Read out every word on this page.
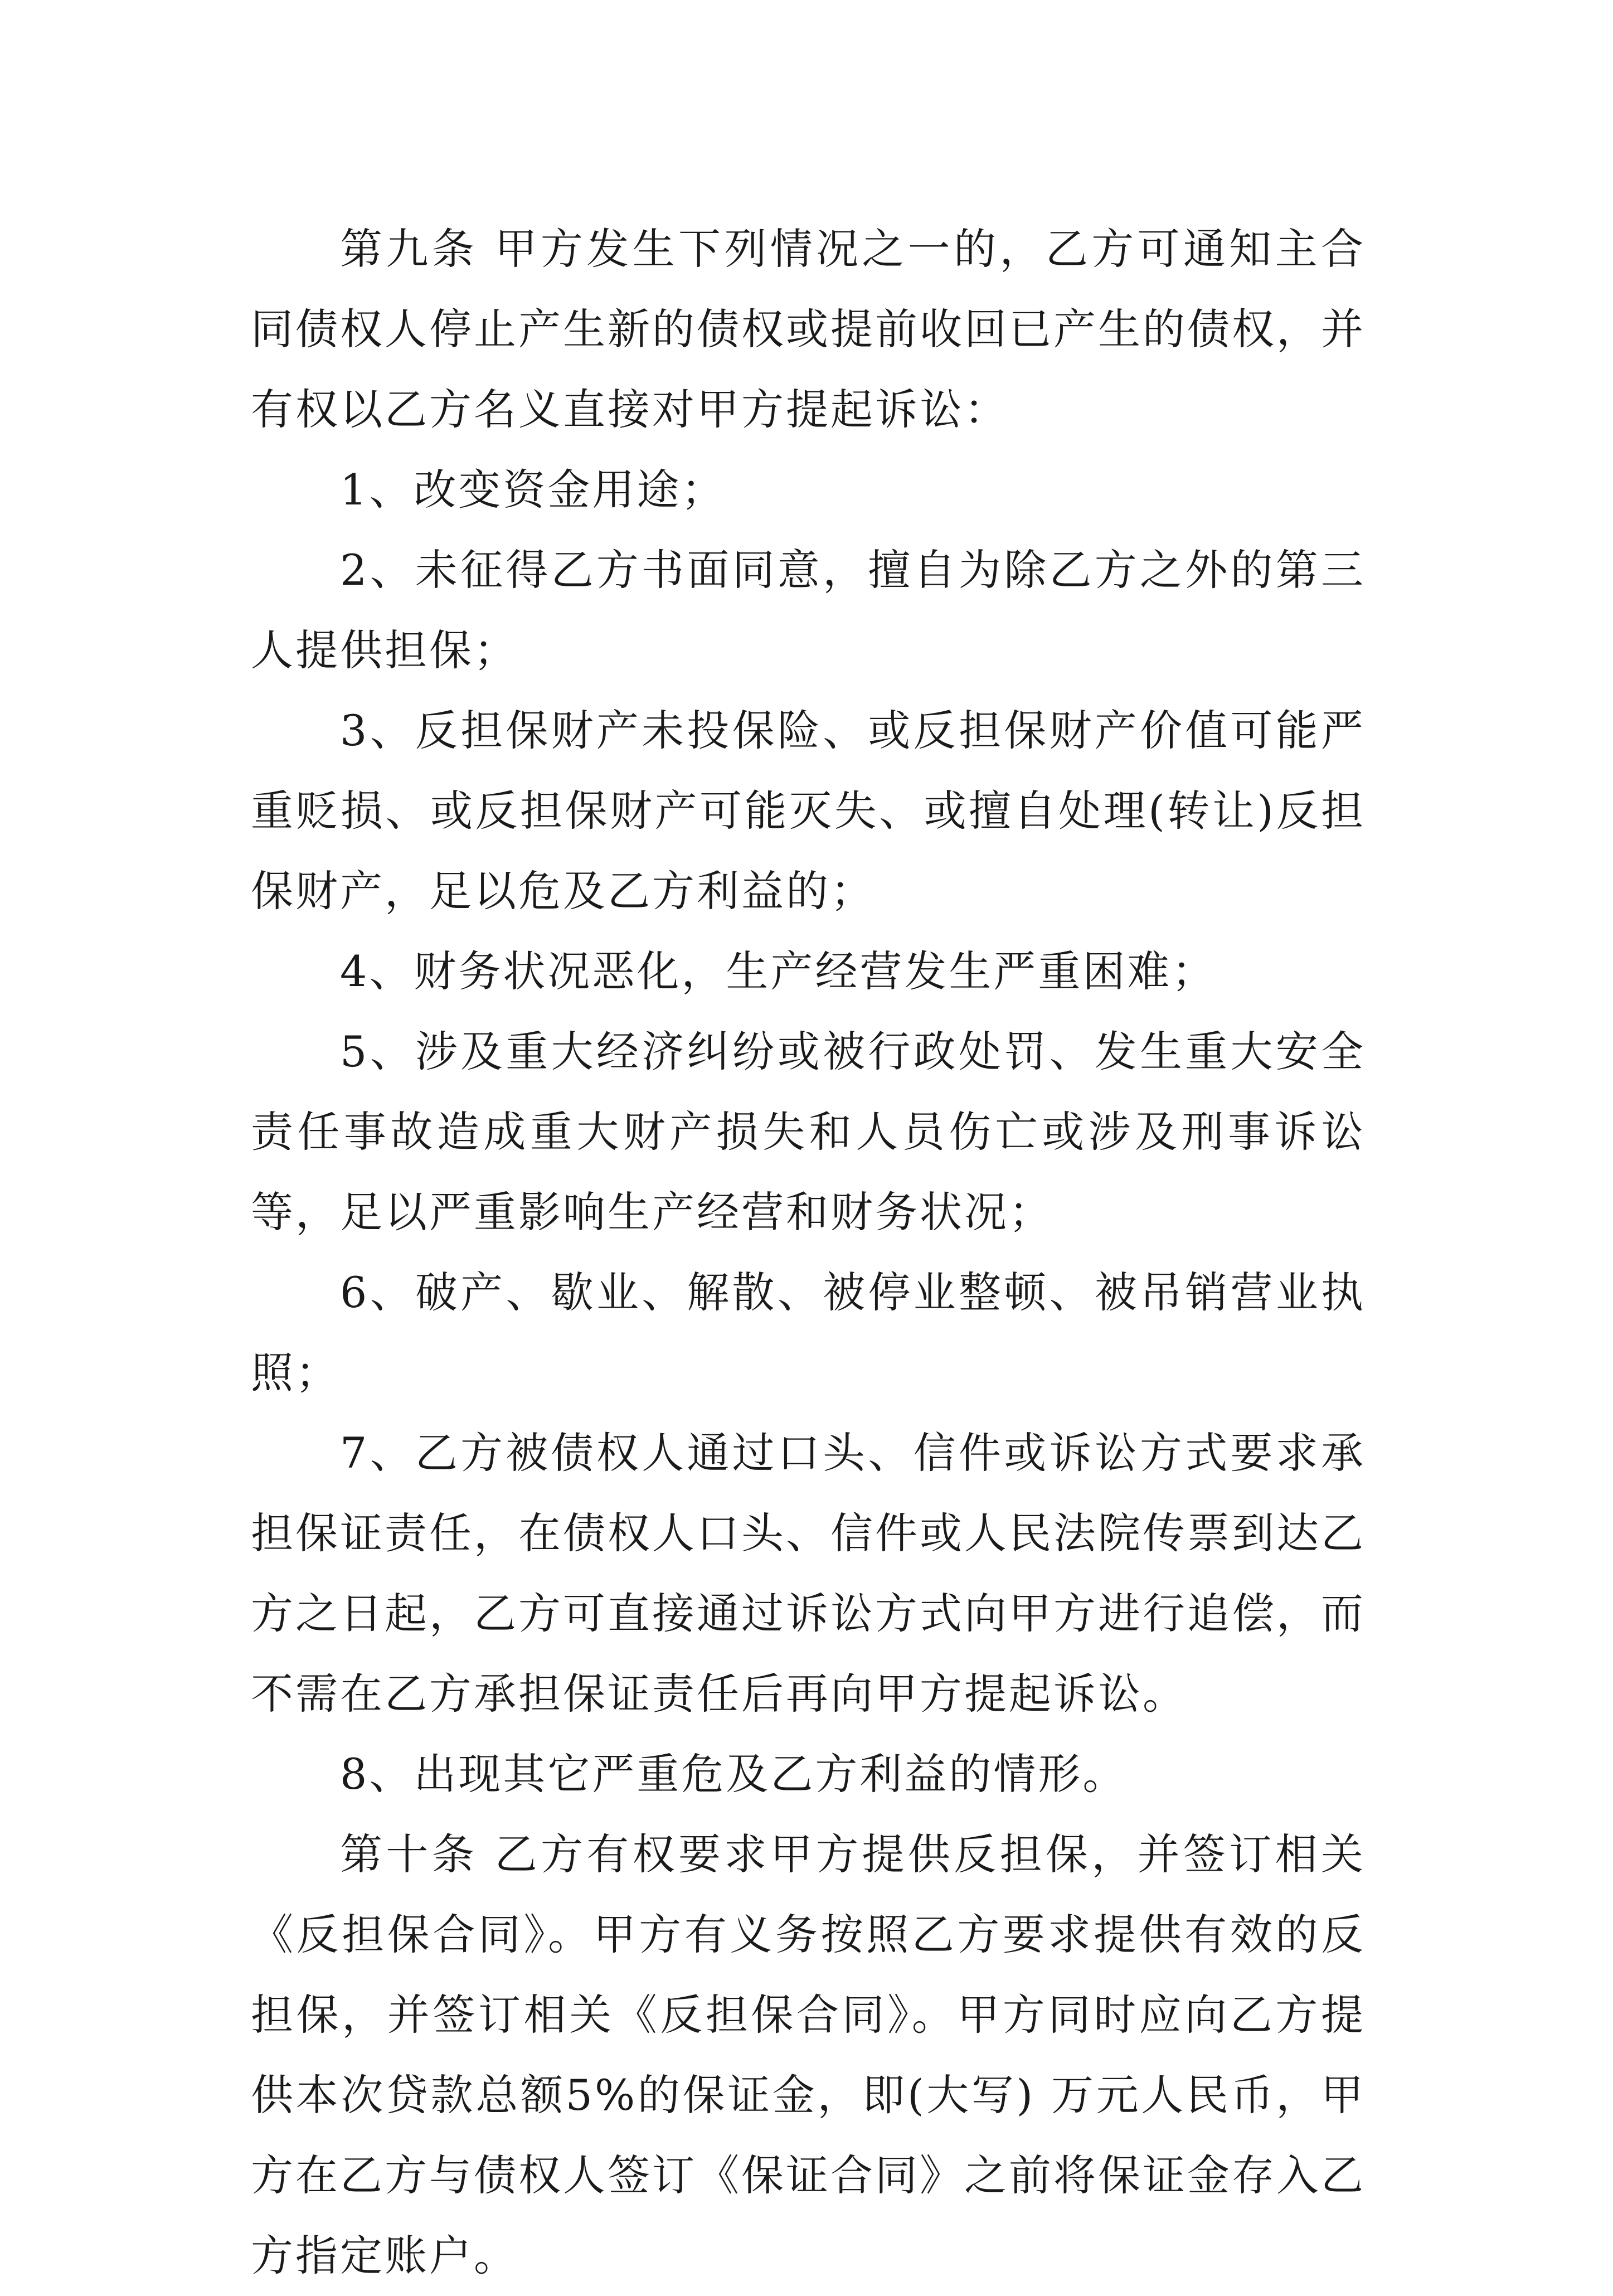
第九条 甲方发生下列情况之一的，乙方可通知主合同债权人停止产生新的债权或提前收回已产生的债权，并有权以乙方名义直接对甲方提起诉讼：

1、改变资金用途；

2、未征得乙方书面同意，擅自为除乙方之外的第三人提供担保；

3、反担保财产未投保险、或反担保财产价值可能严重贬损、或反担保财产可能灭失、或擅自处理(转让)反担保财产，足以危及乙方利益的；

4、财务状况恶化，生产经营发生严重困难；

5、涉及重大经济纠纷或被行政处罚、发生重大安全责任事故造成重大财产损失和人员伤亡或涉及刑事诉讼等，足以严重影响生产经营和财务状况；

6、破产、歇业、解散、被停业整顿、被吊销营业执照；

7、乙方被债权人通过口头、信件或诉讼方式要求承担保证责任，在债权人口头、信件或人民法院传票到达乙方之日起，乙方可直接通过诉讼方式向甲方进行追偿，而不需在乙方承担保证责任后再向甲方提起诉讼。

8、出现其它严重危及乙方利益的情形。

第十条 乙方有权要求甲方提供反担保，并签订相关《反担保合同》。甲方有义务按照乙方要求提供有效的反担保，并签订相关《反担保合同》。甲方同时应向乙方提供本次贷款总额5%的保证金，即(大写) 万元人民币，甲方在乙方与债权人签订《保证合同》之前将保证金存入乙方指定账户。
